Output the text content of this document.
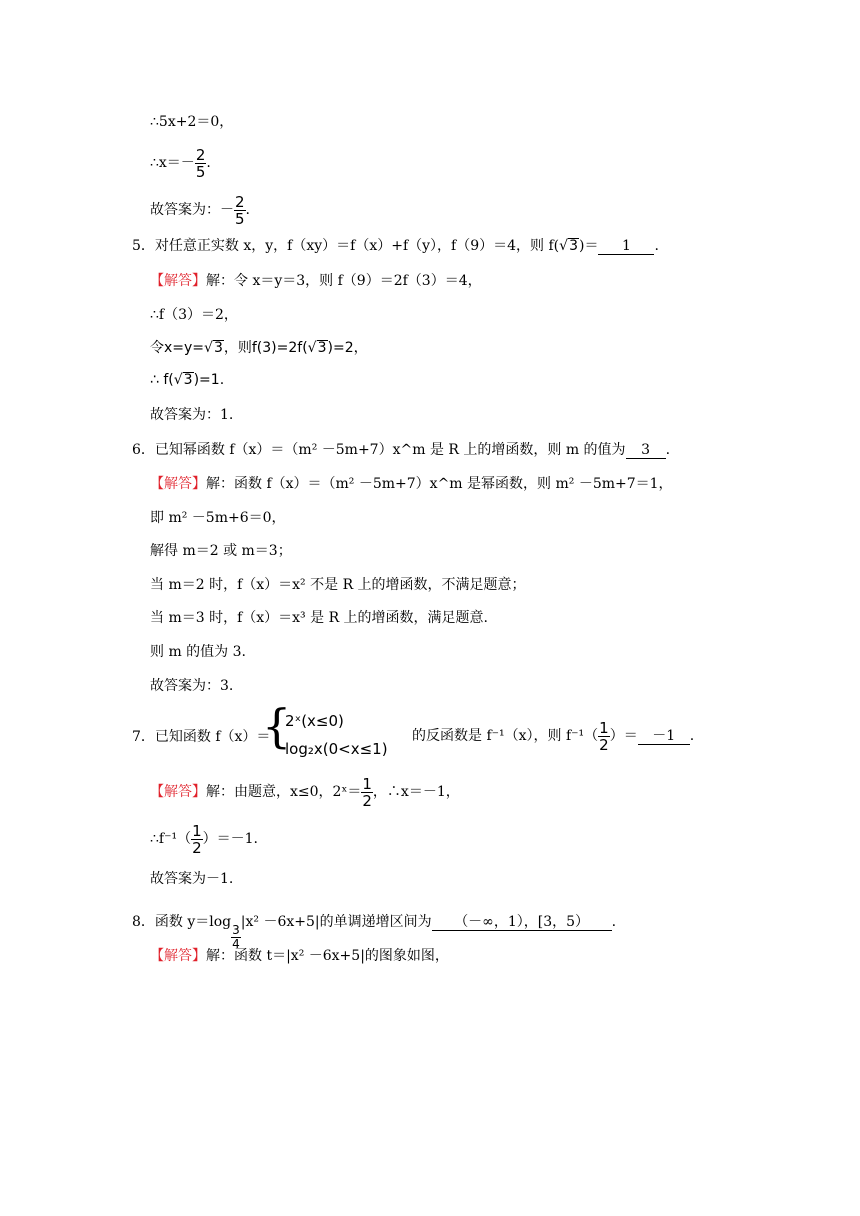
∴5x+2＝0，
∴x＝－ $\frac{2}{5}$ .
故答案为：－ $\frac{2}{5}$ .
5．对任意正实数 x，y，f（xy）＝f（x）+f（y），f（9）＝4，则 f(√3)＝ 1 .
【解答】解：令 x＝y＝3，则 f（9）＝2f（3）＝4，
∴f（3）＝2，
令x=y=√3，则f(3)=2f(√3)=2，
∴ f(√3)=1.
故答案为：1.
6．已知幂函数 f（x）＝（m² －5m+7）x^m 是 R 上的增函数，则 m 的值为 3 .
【解答】解：函数 f（x）＝（m² －5m+7）x^m 是幂函数，则 m² －5m+7＝1，
即 m² －5m+6＝0，
解得 m＝2 或 m＝3；
当 m＝2 时，f（x）＝x² 不是 R 上的增函数，不满足题意；
当 m＝3 时，f（x）＝x³ 是 R 上的增函数，满足题意.
则 m 的值为 3.
故答案为：3.
7．已知函数 f（x）＝
{
2ˣ(x≤0)
log₂x(0<x≤1)
的反函数是 f⁻¹（x），则 $f^{-1}( \frac{1}{2}$ ）＝ －1 .
【解答】解：由题意，x≤0，2ˣ＝ $\frac{1}{2}$ ，∴x＝－1，
∴f⁻¹（ $\frac{1}{2} )=-1$.
故答案为－1.
8．函数 y＝log
$\frac{3}{4}$
|x² －6x+5|的单调递增区间为 （－∞，1），[3，5） .
【解答】解：函数 t＝|x² －6x+5|的图象如图，
